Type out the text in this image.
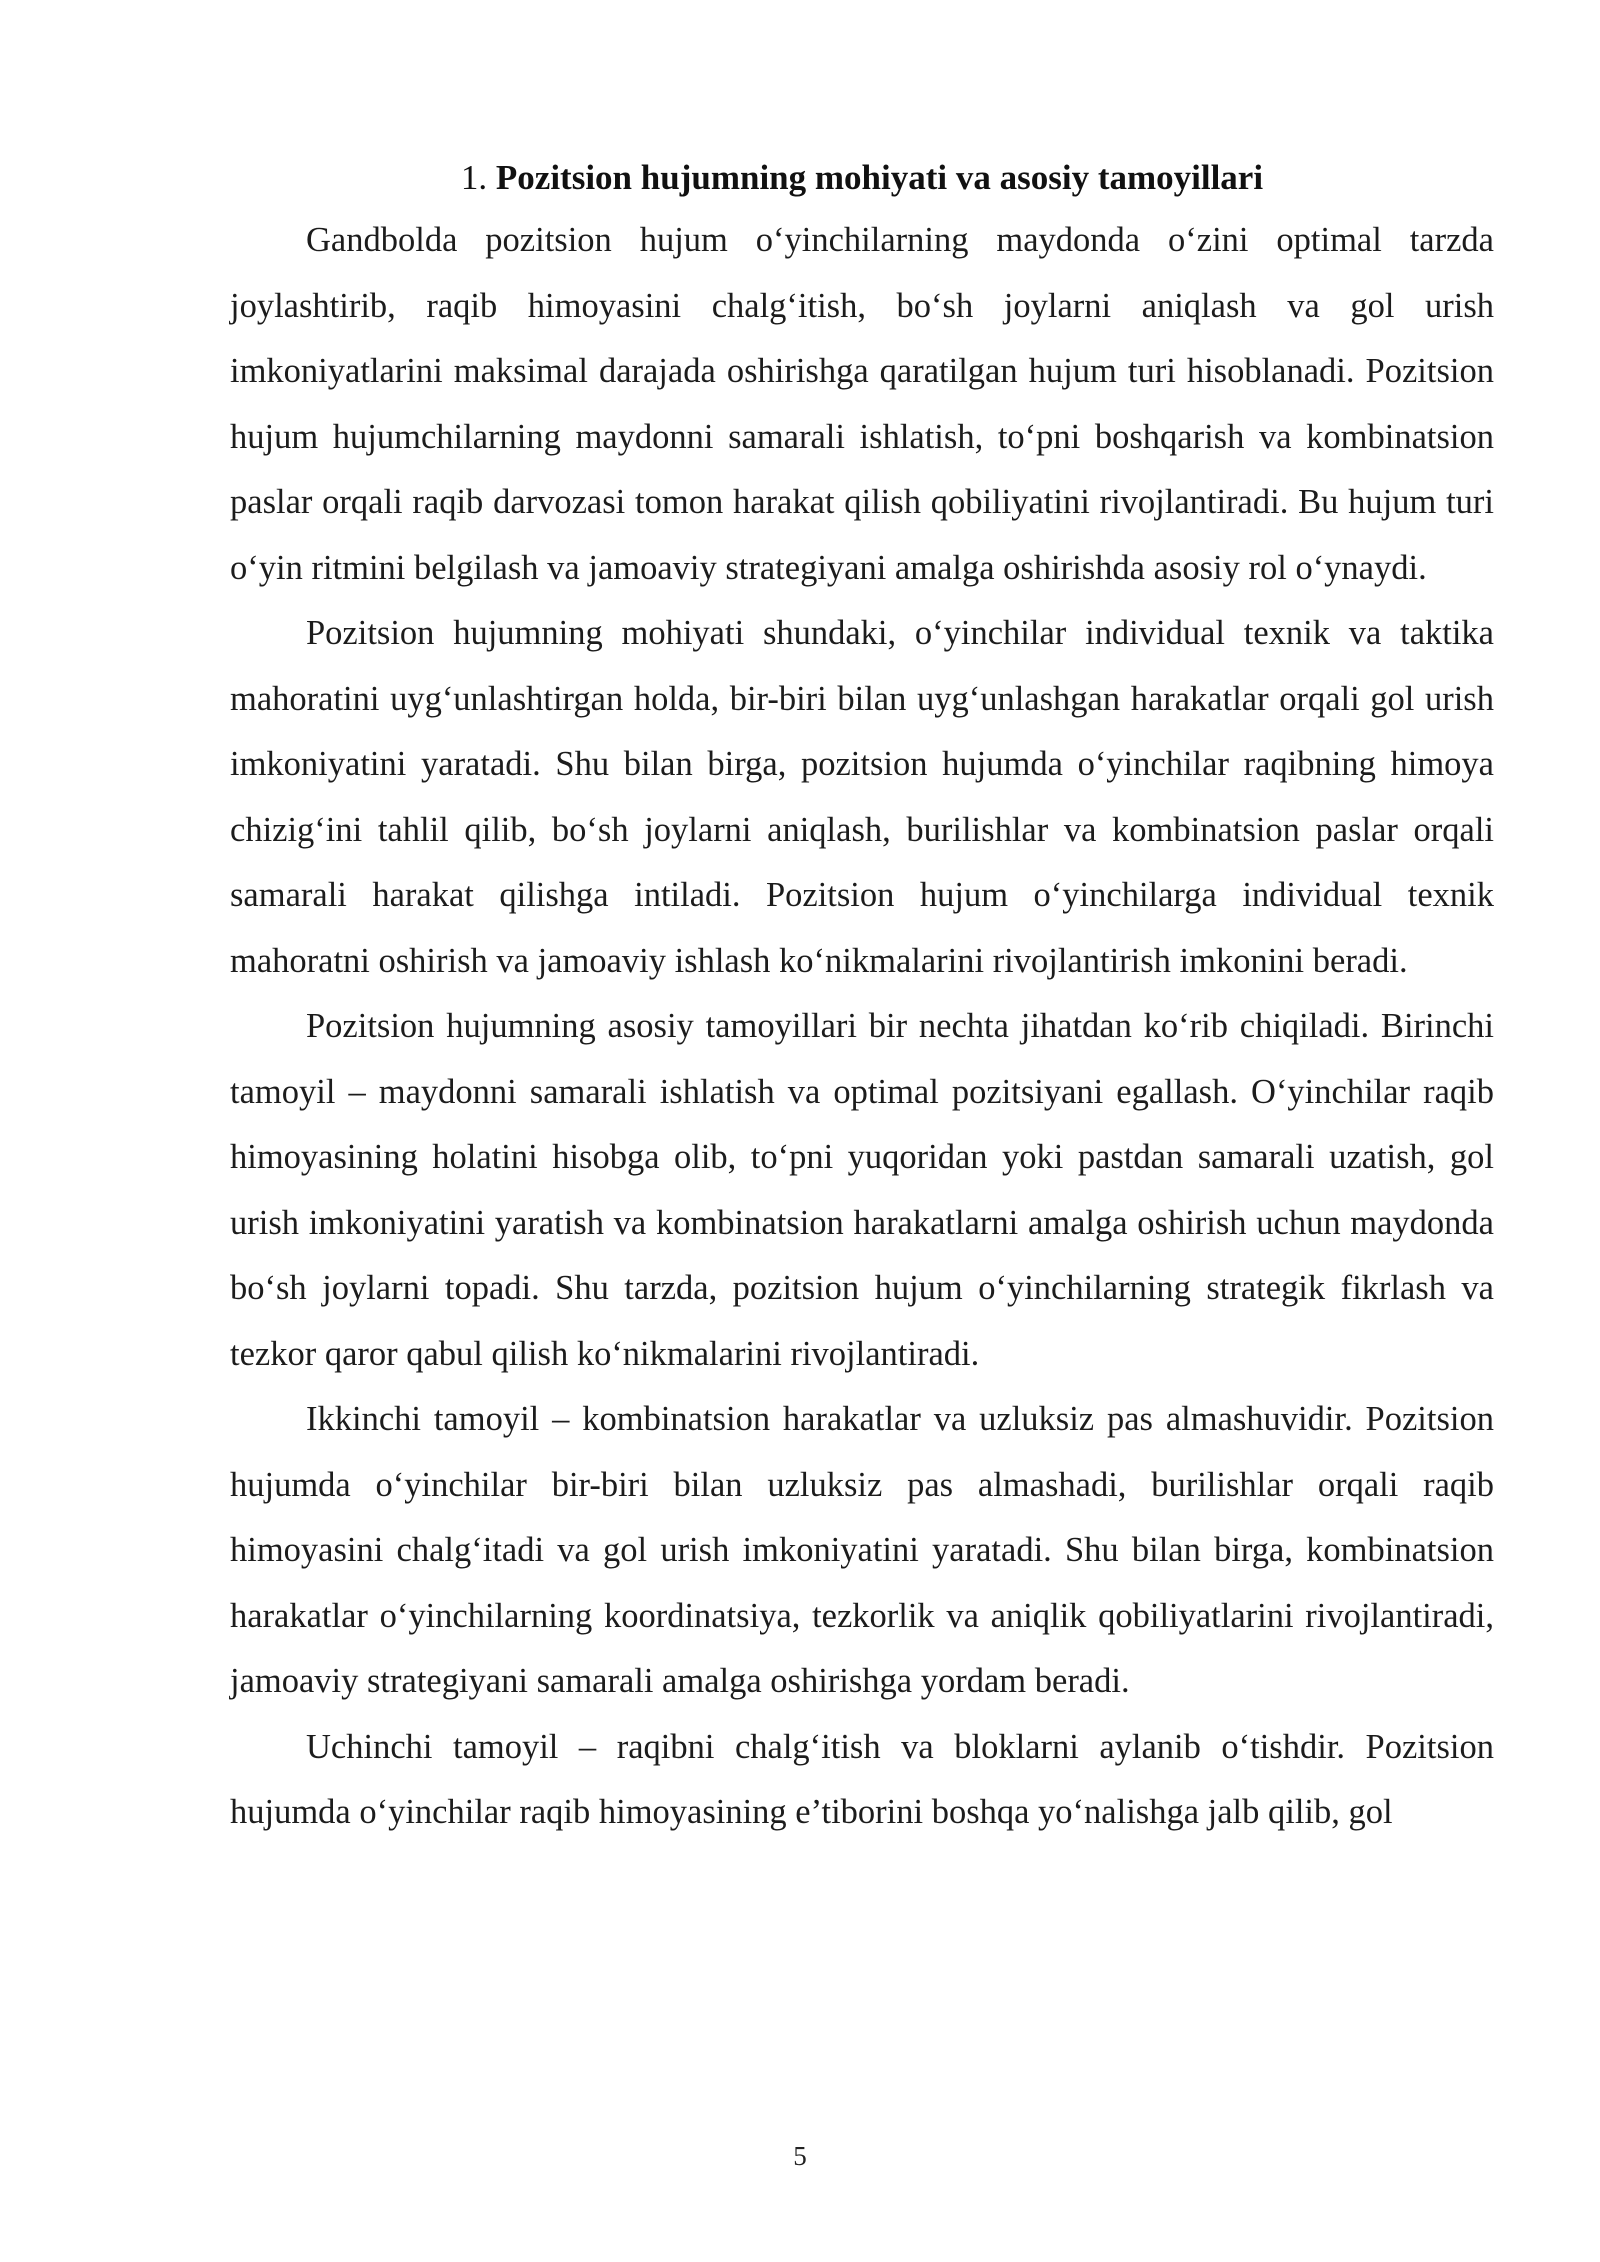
1. Pozitsion hujumning mohiyati va asosiy tamoyillari

Gandbolda pozitsion hujum o‘yinchilarning maydonda o‘zini optimal tarzda joylashtirib, raqib himoyasini chalg‘itish, bo‘sh joylarni aniqlash va gol urish imkoniyatlarini maksimal darajada oshirishga qaratilgan hujum turi hisoblanadi. Pozitsion hujum hujumchilarning maydonni samarali ishlatish, to‘pni boshqarish va kombinatsion paslar orqali raqib darvozasi tomon harakat qilish qobiliyatini rivojlantiradi. Bu hujum turi o‘yin ritmini belgilash va jamoaviy strategiyani amalga oshirishda asosiy rol o‘ynaydi.

Pozitsion hujumning mohiyati shundaki, o‘yinchilar individual texnik va taktika mahoratini uyg‘unlashtirgan holda, bir-biri bilan uyg‘unlashgan harakatlar orqali gol urish imkoniyatini yaratadi. Shu bilan birga, pozitsion hujumda o‘yinchilar raqibning himoya chizig‘ini tahlil qilib, bo‘sh joylarni aniqlash, burilishlar va kombinatsion paslar orqali samarali harakat qilishga intiladi. Pozitsion hujum o‘yinchilarga individual texnik mahoratni oshirish va jamoaviy ishlash ko‘nikmalarini rivojlantirish imkonini beradi.

Pozitsion hujumning asosiy tamoyillari bir nechta jihatdan ko‘rib chiqiladi. Birinchi tamoyil – maydonni samarali ishlatish va optimal pozitsiyani egallash. O‘yinchilar raqib himoyasining holatini hisobga olib, to‘pni yuqoridan yoki pastdan samarali uzatish, gol urish imkoniyatini yaratish va kombinatsion harakatlarni amalga oshirish uchun maydonda bo‘sh joylarni topadi. Shu tarzda, pozitsion hujum o‘yinchilarning strategik fikrlash va tezkor qaror qabul qilish ko‘nikmalarini rivojlantiradi.

Ikkinchi tamoyil – kombinatsion harakatlar va uzluksiz pas almashuvidir. Pozitsion hujumda o‘yinchilar bir-biri bilan uzluksiz pas almashadi, burilishlar orqali raqib himoyasini chalg‘itadi va gol urish imkoniyatini yaratadi. Shu bilan birga, kombinatsion harakatlar o‘yinchilarning koordinatsiya, tezkorlik va aniqlik qobiliyatlarini rivojlantiradi, jamoaviy strategiyani samarali amalga oshirishga yordam beradi.

Uchinchi tamoyil – raqibni chalg‘itish va bloklarni aylanib o‘tishdir. Pozitsion hujumda o‘yinchilar raqib himoyasining e’tiborini boshqa yo‘nalishga jalb qilib, gol

5
